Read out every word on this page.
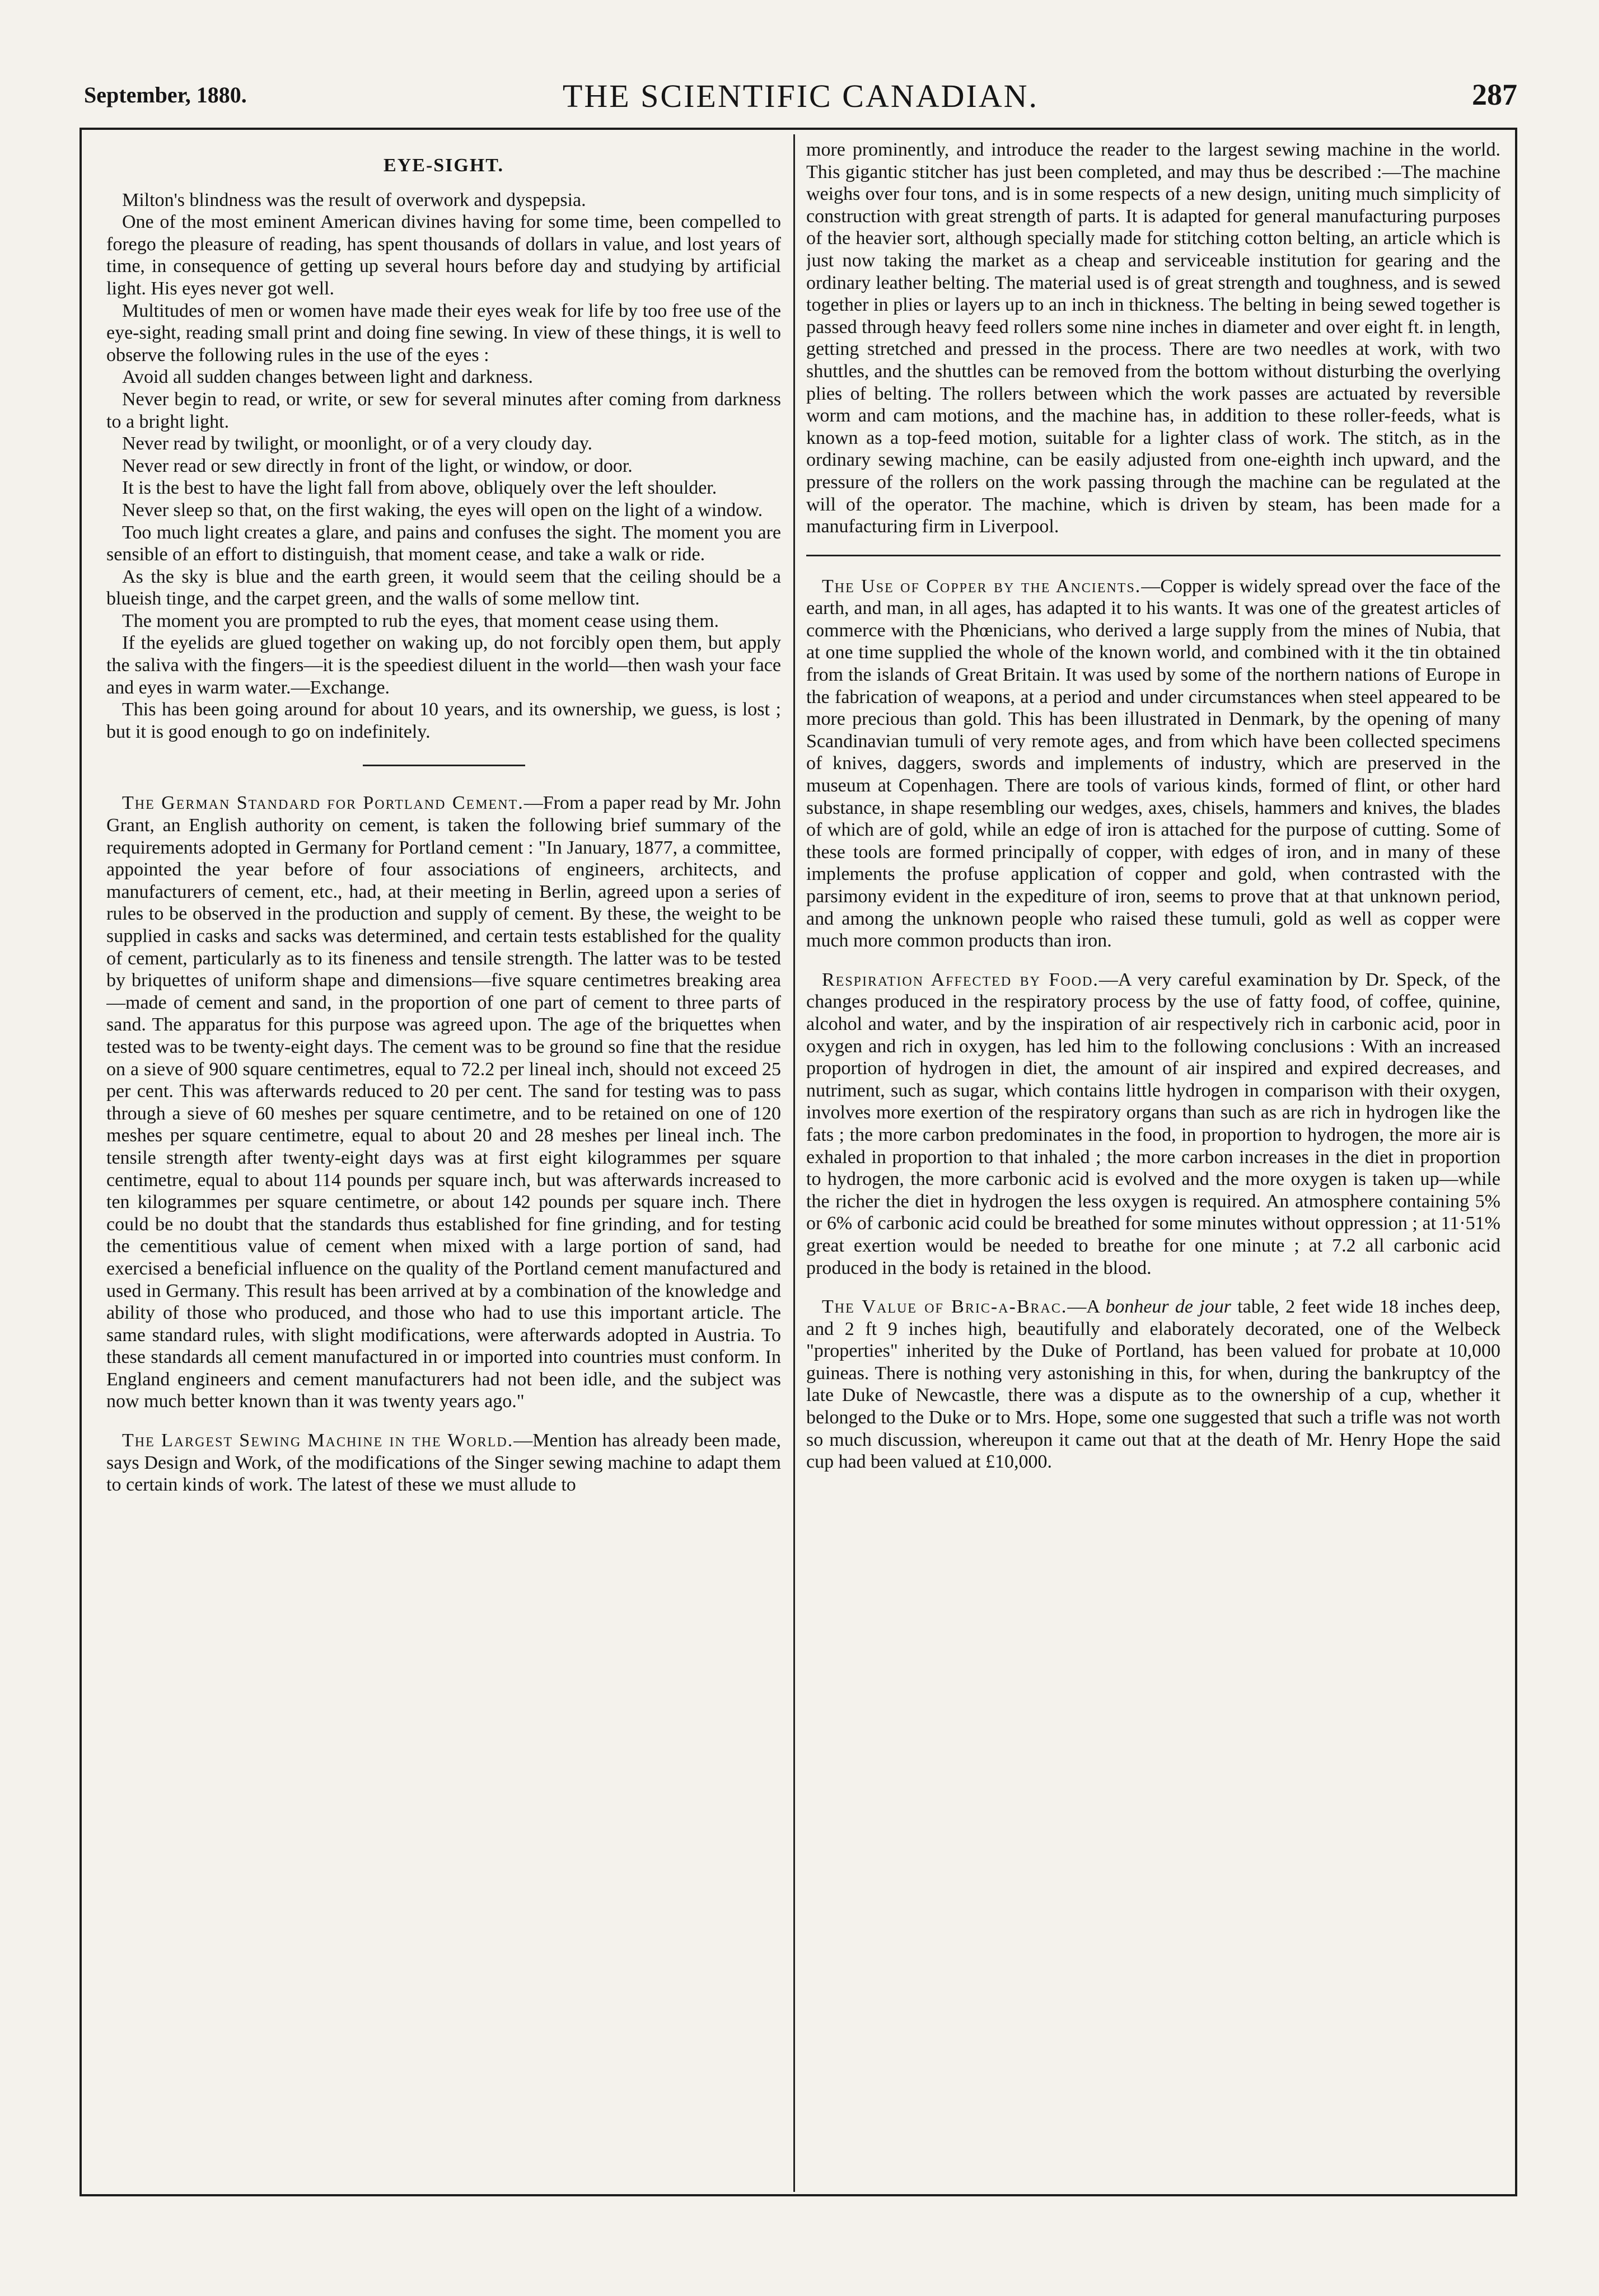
September, 1880.	THE SCIENTIFIC CANADIAN.	287
EYE-SIGHT.

Milton's blindness was the result of overwork and dyspepsia.

One of the most eminent American divines having for some time, been compelled to forego the pleasure of reading, has spent thousands of dollars in value, and lost years of time, in consequence of getting up several hours before day and studying by artificial light. His eyes never got well.

Multitudes of men or women have made their eyes weak for life by too free use of the eye-sight, reading small print and doing fine sewing. In view of these things, it is well to observe the following rules in the use of the eyes :

Avoid all sudden changes between light and darkness.

Never begin to read, or write, or sew for several minutes after coming from darkness to a bright light.

Never read by twilight, or moonlight, or of a very cloudy day.

Never read or sew directly in front of the light, or window, or door.

It is the best to have the light fall from above, obliquely over the left shoulder.

Never sleep so that, on the first waking, the eyes will open on the light of a window.

Too much light creates a glare, and pains and confuses the sight. The moment you are sensible of an effort to distinguish, that moment cease, and take a walk or ride.

As the sky is blue and the earth green, it would seem that the ceiling should be a blueish tinge, and the carpet green, and the walls of some mellow tint.

The moment you are prompted to rub the eyes, that moment cease using them.

If the eyelids are glued together on waking up, do not forcibly open them, but apply the saliva with the fingers—it is the speediest diluent in the world—then wash your face and eyes in warm water.—Exchange.

This has been going around for about 10 years, and its ownership, we guess, is lost ; but it is good enough to go on indefinitely.

The German Standard for Portland Cement.—From a paper read by Mr. John Grant, an English authority on cement, is taken the following brief summary of the requirements adopted in Germany for Portland cement : "In January, 1877, a committee, appointed the year before of four associations of engineers, architects, and manufacturers of cement, etc., had, at their meeting in Berlin, agreed upon a series of rules to be observed in the production and supply of cement. By these, the weight to be supplied in casks and sacks was determined, and certain tests established for the quality of cement, particularly as to its fineness and tensile strength. The latter was to be tested by briquettes of uniform shape and dimensions—five square centimetres breaking area—made of cement and sand, in the proportion of one part of cement to three parts of sand. The apparatus for this purpose was agreed upon. The age of the briquettes when tested was to be twenty-eight days. The cement was to be ground so fine that the residue on a sieve of 900 square centimetres, equal to 72.2 per lineal inch, should not exceed 25 per cent. This was afterwards reduced to 20 per cent. The sand for testing was to pass through a sieve of 60 meshes per square centimetre, and to be retained on one of 120 meshes per square centimetre, equal to about 20 and 28 meshes per lineal inch. The tensile strength after twenty-eight days was at first eight kilogrammes per square centimetre, equal to about 114 pounds per square inch, but was afterwards increased to ten kilogrammes per square centimetre, or about 142 pounds per square inch. There could be no doubt that the standards thus established for fine grinding, and for testing the cementitious value of cement when mixed with a large portion of sand, had exercised a beneficial influence on the quality of the Portland cement manufactured and used in Germany. This result has been arrived at by a combination of the knowledge and ability of those who produced, and those who had to use this important article. The same standard rules, with slight modifications, were afterwards adopted in Austria. To these standards all cement manufactured in or imported into countries must conform. In England engineers and cement manufacturers had not been idle, and the subject was now much better known than it was twenty years ago."

The Largest Sewing Machine in the World.—Mention has already been made, says Design and Work, of the modifications of the Singer sewing machine to adapt them to certain kinds of work. The latest of these we must allude to

more prominently, and introduce the reader to the largest sewing machine in the world. This gigantic stitcher has just been completed, and may thus be described :—The machine weighs over four tons, and is in some respects of a new design, uniting much simplicity of construction with great strength of parts. It is adapted for general manufacturing purposes of the heavier sort, although specially made for stitching cotton belting, an article which is just now taking the market as a cheap and serviceable institution for gearing and the ordinary leather belting. The material used is of great strength and toughness, and is sewed together in plies or layers up to an inch in thickness. The belting in being sewed together is passed through heavy feed rollers some nine inches in diameter and over eight ft. in length, getting stretched and pressed in the process. There are two needles at work, with two shuttles, and the shuttles can be removed from the bottom without disturbing the overlying plies of belting. The rollers between which the work passes are actuated by reversible worm and cam motions, and the machine has, in addition to these roller-feeds, what is known as a top-feed motion, suitable for a lighter class of work. The stitch, as in the ordinary sewing machine, can be easily adjusted from one-eighth inch upward, and the pressure of the rollers on the work passing through the machine can be regulated at the will of the operator. The machine, which is driven by steam, has been made for a manufacturing firm in Liverpool.

The Use of Copper by the Ancients.—Copper is widely spread over the face of the earth, and man, in all ages, has adapted it to his wants. It was one of the greatest articles of commerce with the Phœnicians, who derived a large supply from the mines of Nubia, that at one time supplied the whole of the known world, and combined with it the tin obtained from the islands of Great Britain. It was used by some of the northern nations of Europe in the fabrication of weapons, at a period and under circumstances when steel appeared to be more precious than gold. This has been illustrated in Denmark, by the opening of many Scandinavian tumuli of very remote ages, and from which have been collected specimens of knives, daggers, swords and implements of industry, which are preserved in the museum at Copenhagen. There are tools of various kinds, formed of flint, or other hard substance, in shape resembling our wedges, axes, chisels, hammers and knives, the blades of which are of gold, while an edge of iron is attached for the purpose of cutting. Some of these tools are formed principally of copper, with edges of iron, and in many of these implements the profuse application of copper and gold, when contrasted with the parsimony evident in the expediture of iron, seems to prove that at that unknown period, and among the unknown people who raised these tumuli, gold as well as copper were much more common products than iron.

Respiration Affected by Food.—A very careful examination by Dr. Speck, of the changes produced in the respiratory process by the use of fatty food, of coffee, quinine, alcohol and water, and by the inspiration of air respectively rich in carbonic acid, poor in oxygen and rich in oxygen, has led him to the following conclusions : With an increased proportion of hydrogen in diet, the amount of air inspired and expired decreases, and nutriment, such as sugar, which contains little hydrogen in comparison with their oxygen, involves more exertion of the respiratory organs than such as are rich in hydrogen like the fats ; the more carbon predominates in the food, in proportion to hydrogen, the more air is exhaled in proportion to that inhaled ; the more carbon increases in the diet in proportion to hydrogen, the more carbonic acid is evolved and the more oxygen is taken up—while the richer the diet in hydrogen the less oxygen is required. An atmosphere containing 5% or 6% of carbonic acid could be breathed for some minutes without oppression ; at 11·51% great exertion would be needed to breathe for one minute ; at 7.2 all carbonic acid produced in the body is retained in the blood.

The Value of Bric-a-Brac.—A bonheur de jour table, 2 feet wide 18 inches deep, and 2 ft 9 inches high, beautifully and elaborately decorated, one of the Welbeck "properties" inherited by the Duke of Portland, has been valued for probate at 10,000 guineas. There is nothing very astonishing in this, for when, during the bankruptcy of the late Duke of Newcastle, there was a dispute as to the ownership of a cup, whether it belonged to the Duke or to Mrs. Hope, some one suggested that such a trifle was not worth so much discussion, whereupon it came out that at the death of Mr. Henry Hope the said cup had been valued at £10,000.
